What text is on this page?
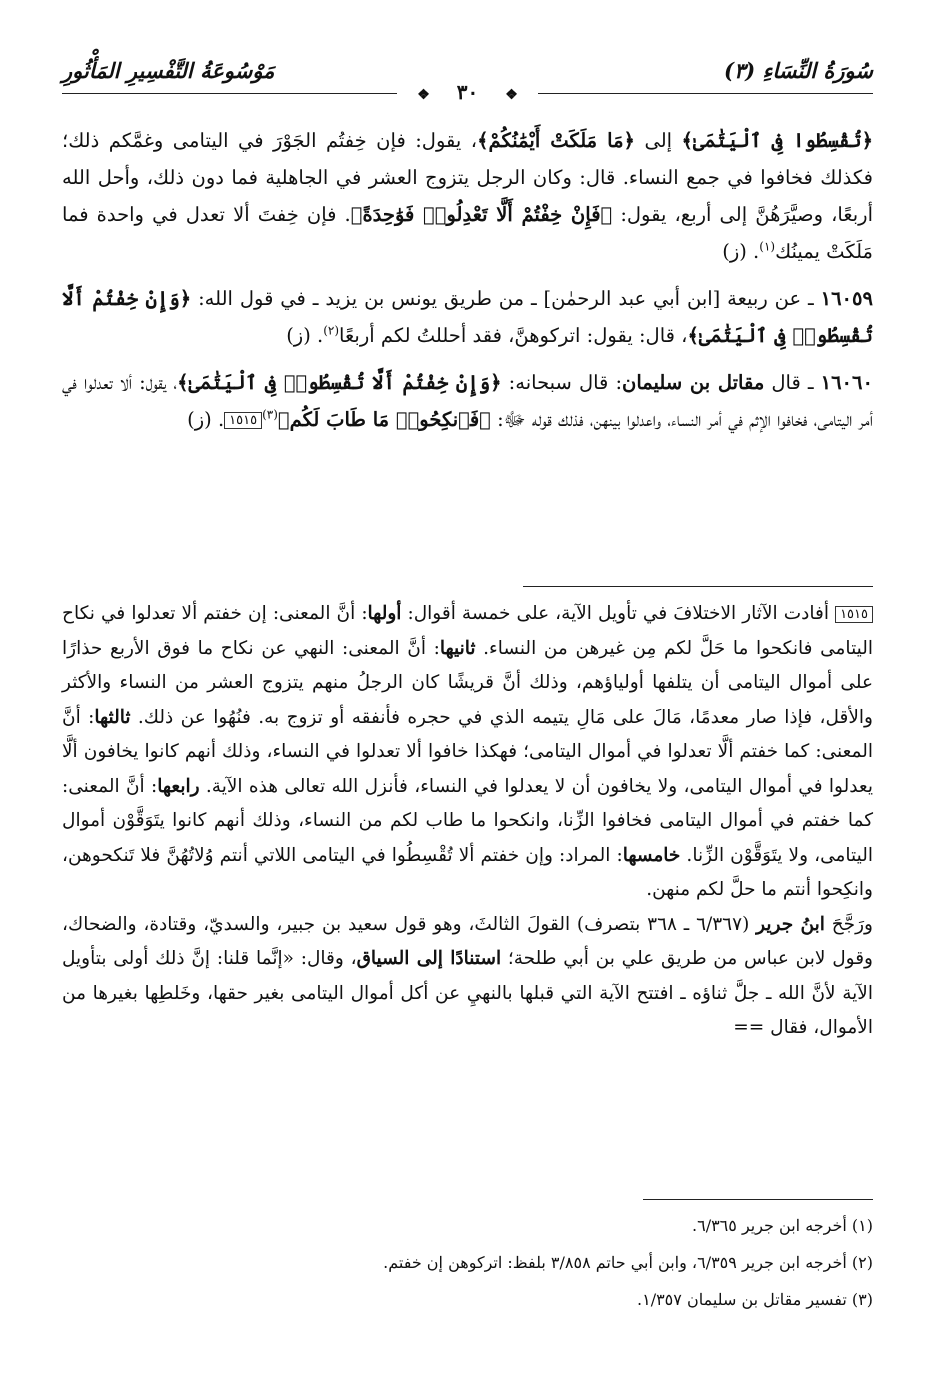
سُورَةُ النِّسَاءِ (٣)
مَوْسُوعَةُ التَّفْسِيرِ المَأْثُورِ
❖ ٣٠ ❖

﴿تُقْسِطُوا فِى ٱلْيَتَٰمَىٰ﴾ إلى ﴿مَا مَلَكَتْ أَيْمَٰنُكُمْ﴾، يقول: فإن خِفتُم الجَوْرَ في اليتامى وغمَّكم ذلك؛ فكذلك فخافوا في جمع النساء. قال: وكان الرجل يتزوج العشر في الجاهلية فما دون ذلك، وأحل الله أربعًا، وصيَّرَهُنَّ إلى أربع، يقول: ﴿فَإِنْ خِفْتُمْ أَلَّا تَعْدِلُوا۟ فَوَٰحِدَةً﴾. فإن خِفتَ ألا تعدل في واحدة فما مَلَكَتْ يمينُك$^{(١)}$. (ز)

١٦٠٥٩ ـ عن ربيعة [ابن أبي عبد الرحمٰن] ـ من طريق يونس بن يزيد ـ في قول الله: ﴿وَإِنْ خِفْتُمْ أَلَّا تُقْسِطُوا۟ فِى ٱلْيَتَٰمَىٰ﴾، قال: يقول: اتركوهنَّ، فقد أحللتُ لكم أربعًا$^{(٢)}$. (ز)

١٦٠٦٠ ـ قال مقاتل بن سليمان: قال سبحانه: ﴿وَإِنْ خِفْتُمْ أَلَّا تُقْسِطُوا۟ فِى ٱلْيَتَٰمَىٰ﴾، يقول: ألا تعدلوا في أمر اليتامى، فخافوا الإثم في أمر النساء، واعدلوا بينهن، فذلك قوله ﷻ: ﴿فَٱنكِحُوا۟ مَا طَابَ لَكُم﴾$^{(٣)}$١٥١٥. (ز)

١٥١٥ أفادت الآثار الاختلافَ في تأويل الآية، على خمسة أقوال: أولها: أنَّ المعنى: إن خفتم ألا تعدلوا في نكاح اليتامى فانكحوا ما حَلَّ لكم مِن غيرهن من النساء. ثانيها: أنَّ المعنى: النهي عن نكاح ما فوق الأربع حذارًا على أموال اليتامى أن يتلفها أولياؤهم، وذلك أنَّ قريشًا كان الرجلُ منهم يتزوج العشر من النساء والأكثر والأقل، فإذا صار معدمًا، مَالَ على مَالِ يتيمه الذي في حجره فأنفقه أو تزوج به. فنُهُوا عن ذلك. ثالثها: أنَّ المعنى: كما خفتم ألَّا تعدلوا في أموال اليتامى؛ فهكذا خافوا ألا تعدلوا في النساء، وذلك أنهم كانوا يخافون ألَّا يعدلوا في أموال اليتامى، ولا يخافون أن لا يعدلوا في النساء، فأنزل الله تعالى هذه الآية. رابعها: أنَّ المعنى: كما خفتم في أموال اليتامى فخافوا الزِّنا، وانكحوا ما طاب لكم من النساء، وذلك أنهم كانوا يتَوَقَّوْن أموال اليتامى، ولا يتَوَقَّوْن الزِّنا. خامسها: المراد: وإن خفتم ألا تُقْسِطُوا في اليتامى اللاتي أنتم وُلاتُهُنَّ فلا تَنكحوهن، وانكِحوا أنتم ما حلَّ لكم منهن.

ورَجَّحَ ابنُ جرير (٦/٣٦٧ ـ ٣٦٨ بتصرف) القولَ الثالثَ، وهو قول سعيد بن جبير، والسديّ، وقتادة، والضحاك، وقول لابن عباس من طريق علي بن أبي طلحة؛ استنادًا إلى السياق، وقال: «إنَّما قلنا: إنَّ ذلك أولى بتأويل الآية لأنَّ الله ـ جلَّ ثناؤه ـ افتتح الآية التي قبلها بالنهيِ عن أكل أموال اليتامى بغير حقها، وخَلطِها بغيرها من الأموال، فقال ==

(١) أخرجه ابن جرير ٦/٣٦٥.
(٢) أخرجه ابن جرير ٦/٣٥٩، وابن أبي حاتم ٣/٨٥٨ بلفظ: اتركوهن إن خفتم.
(٣) تفسير مقاتل بن سليمان ١/٣٥٧.
